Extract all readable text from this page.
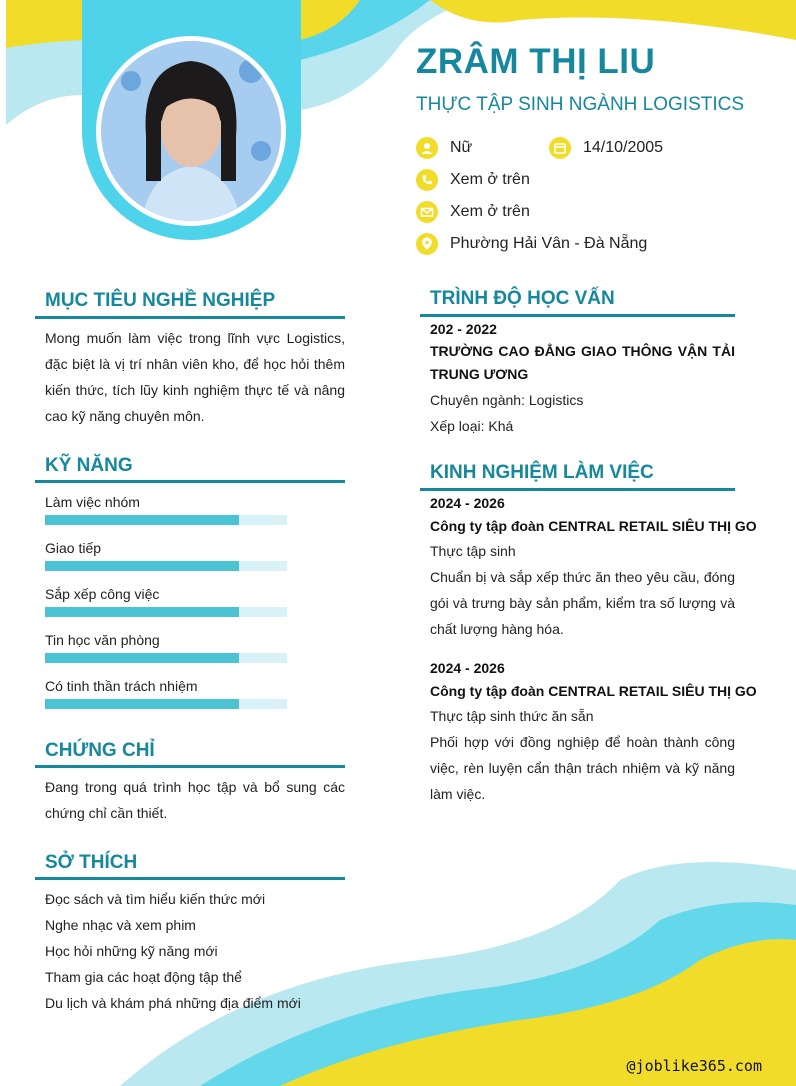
ZRÂM THỊ LIU
THỰC TẬP SINH NGÀNH LOGISTICS
Nữ	14/10/2005
Xem ở trên
Xem ở trên
Phường Hải Vân - Đà Nẵng
MỤC TIÊU NGHỀ NGHIỆP
Mong muốn làm việc trong lĩnh vực Logistics, đặc biệt là vị trí nhân viên kho, để học hỏi thêm kiến thức, tích lũy kinh nghiệm thực tế và nâng cao kỹ năng chuyên môn.
KỸ NĂNG
Làm việc nhóm
Giao tiếp
Sắp xếp công việc
Tin học văn phòng
Có tinh thần trách nhiệm
CHỨNG CHỈ
Đang trong quá trình học tập và bổ sung các chứng chỉ cần thiết.
SỞ THÍCH
Đọc sách và tìm hiểu kiến thức mới
Nghe nhạc và xem phim
Học hỏi những kỹ năng mới
Tham gia các hoạt động tập thể
Du lịch và khám phá những địa điểm mới
TRÌNH ĐỘ HỌC VẤN
202 - 2022
TRƯỜNG CAO ĐẲNG GIAO THÔNG VẬN TẢI TRUNG ƯƠNG
Chuyên ngành: Logistics
Xếp loại: Khá
KINH NGHIỆM LÀM VIỆC
2024 - 2026
Công ty tập đoàn CENTRAL RETAIL SIÊU THỊ GO
Thực tập sinh
Chuẩn bị và sắp xếp thức ăn theo yêu cầu, đóng gói và trưng bày sản phẩm, kiểm tra số lượng và chất lượng hàng hóa.
2024 - 2026
Công ty tập đoàn CENTRAL RETAIL SIÊU THỊ GO
Thực tập sinh thức ăn sẵn
Phối hợp với đồng nghiệp để hoàn thành công việc, rèn luyện cẩn thận trách nhiệm và kỹ năng làm việc.
@joblike365.com
